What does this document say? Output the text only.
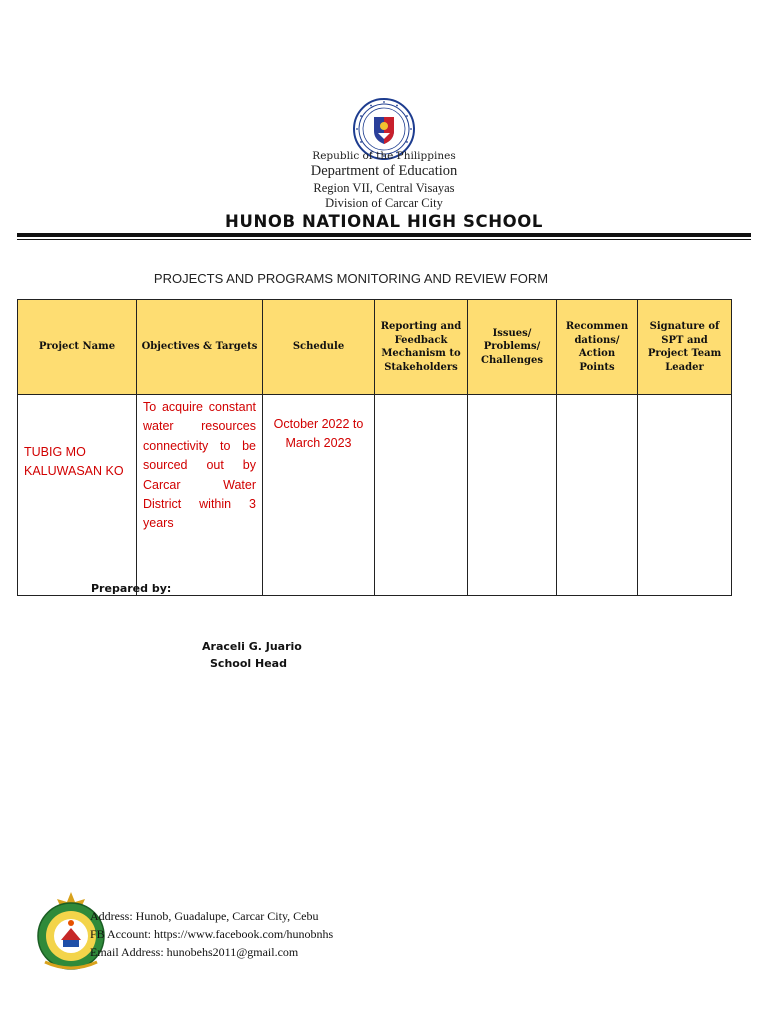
Republic of the Philippines
Department of Education
Region VII, Central Visayas
Division of Carcar City
HUNOB NATIONAL HIGH SCHOOL
PROJECTS AND PROGRAMS MONITORING AND REVIEW FORM
Project Name	Objectives & Targets	Schedule	Reporting and Feedback Mechanism to Stakeholders	Issues/ Problems/ Challenges	Recommen dations/ Action Points	Signature of SPT and Project Team Leader
TUBIG MO KALUWASAN KO	To acquire constant water resources connectivity to be sourced out by Carcar Water District within 3 years	October 2022 to March 2023				
Prepared by:
Araceli G. Juario
School Head
Address: Hunob, Guadalupe, Carcar City, Cebu
FB Account: https://www.facebook.com/hunobnhs
Email Address: hunobehs2011@gmail.com
